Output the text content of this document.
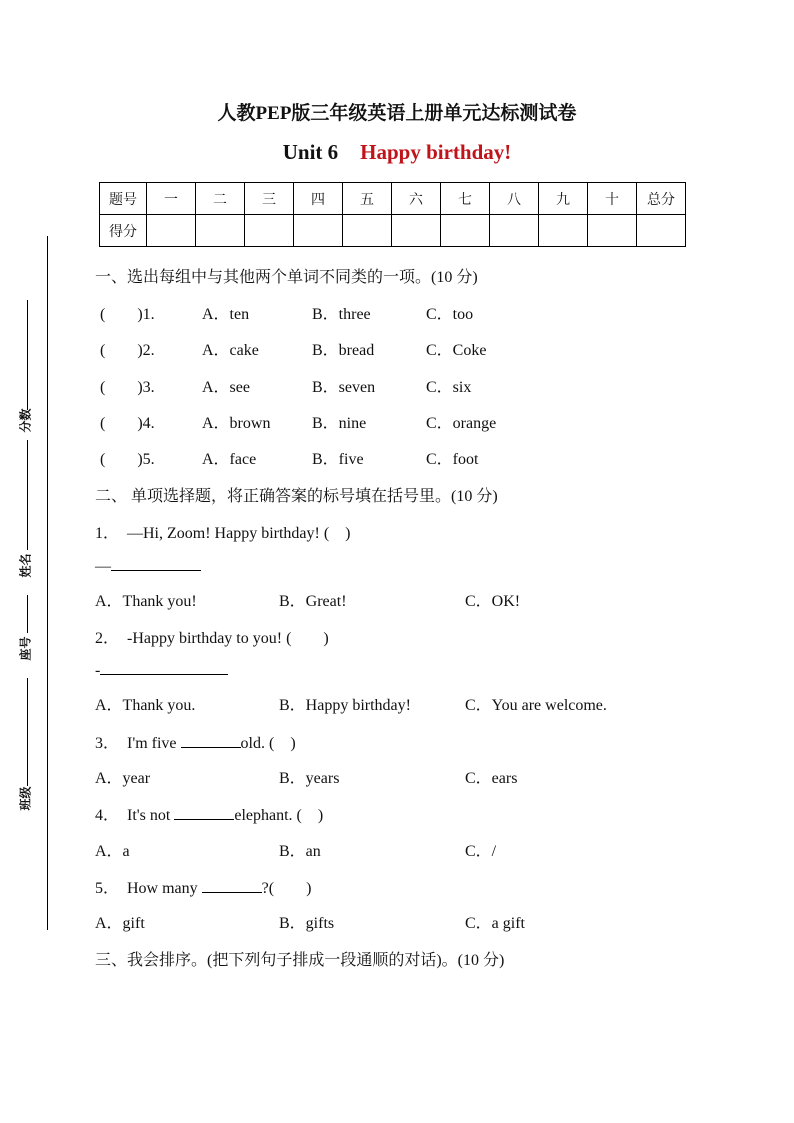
人教PEP版三年级英语上册单元达标测试卷
Unit 6 Happy birthday!
题号	一	二	三	四	五	六	七	八	九	十	总分
得分											
分数
姓名
座号
班级
一、选出每组中与其他两个单词不同类的一项。(10 分)
(　　)1.	A．ten	B．three	C．too
(　　)2.	A．cake	B．bread	C．Coke
(　　)3.	A．see	B．seven	C．six
(　　)4.	A．brown	B．nine	C．orange
(　　)5.	A．face	B．five	C．foot
二、 单项选择题，将正确答案的标号填在括号里。(10 分)
1．　—Hi, Zoom! Happy birthday! (　)
—
A．Thank you!	B．Great!	C．OK!
2．　-Happy birthday to you! (　　)
-
A．Thank you.	B．Happy birthday!	C．You are welcome.
3．　I'm five	old. (　)
A．year	B．years	C．ears
4．　It's not	elephant. (　)
A．a	B．an	C．/
5．　How many	?(　　)
A．gift	B．gifts	C．a gift
三、我会排序。(把下列句子排成一段通顺的对话)。(10 分)
